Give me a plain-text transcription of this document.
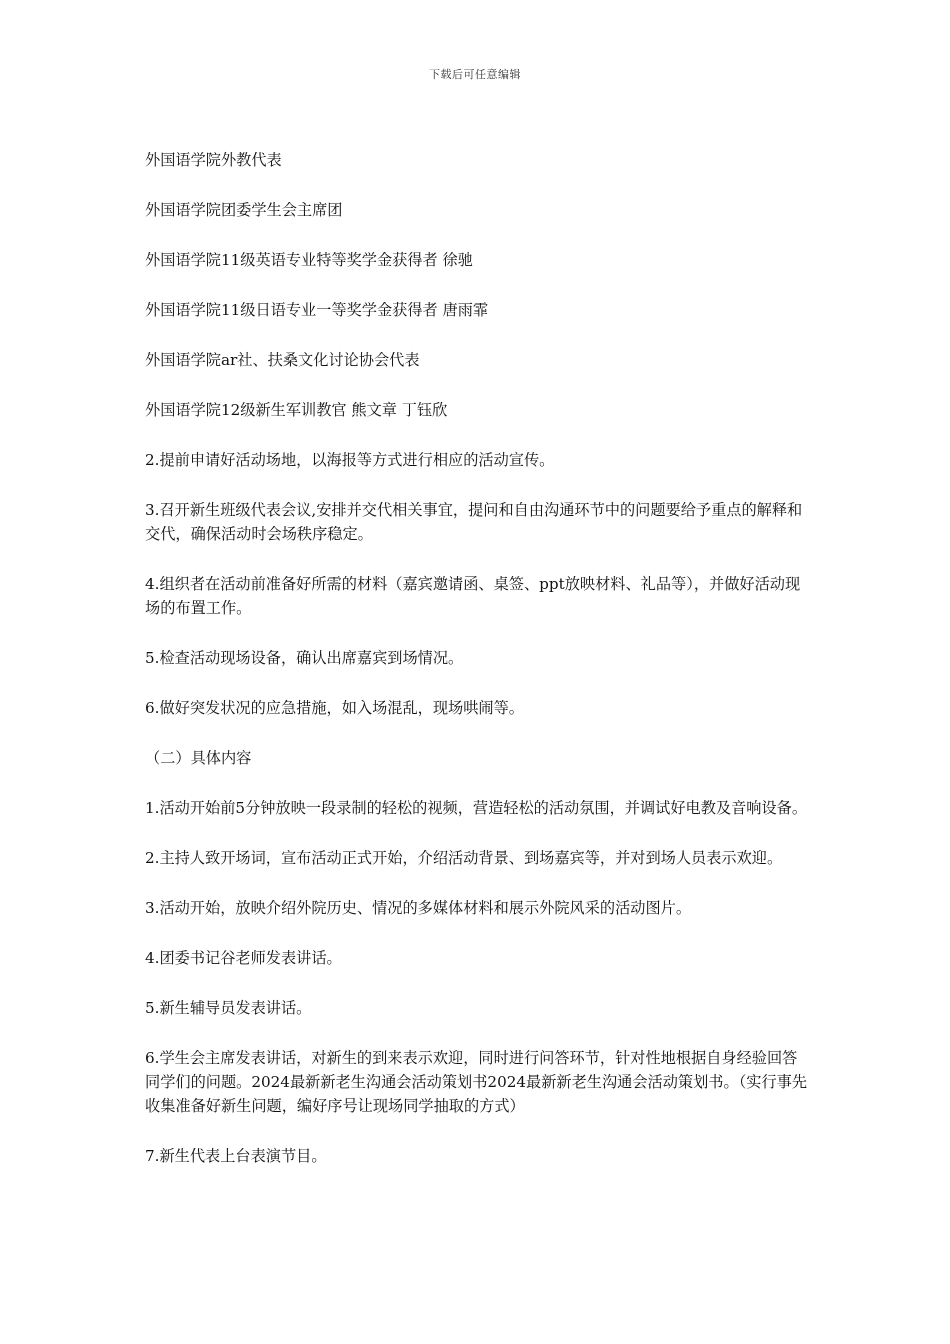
下载后可任意编辑

外国语学院外教代表

外国语学院团委学生会主席团

外国语学院11级英语专业特等奖学金获得者 徐驰

外国语学院11级日语专业一等奖学金获得者 唐雨霏

外国语学院ar社、扶桑文化讨论协会代表

外国语学院12级新生军训教官 熊文章 丁钰欣

2.提前申请好活动场地，以海报等方式进行相应的活动宣传。

3.召开新生班级代表会议,安排并交代相关事宜，提问和自由沟通环节中的问题要给予重点的解释和交代，确保活动时会场秩序稳定。

4.组织者在活动前准备好所需的材料（嘉宾邀请函、桌签、ppt放映材料、礼品等），并做好活动现场的布置工作。

5.检查活动现场设备，确认出席嘉宾到场情况。

6.做好突发状况的应急措施，如入场混乱，现场哄闹等。

（二）具体内容

1.活动开始前5分钟放映一段录制的轻松的视频，营造轻松的活动氛围，并调试好电教及音响设备。

2.主持人致开场词，宣布活动正式开始，介绍活动背景、到场嘉宾等，并对到场人员表示欢迎。

3.活动开始，放映介绍外院历史、情况的多媒体材料和展示外院风采的活动图片。

4.团委书记谷老师发表讲话。

5.新生辅导员发表讲话。

6.学生会主席发表讲话，对新生的到来表示欢迎，同时进行问答环节，针对性地根据自身经验回答同学们的问题。2024最新新老生沟通会活动策划书2024最新新老生沟通会活动策划书。（实行事先收集准备好新生问题，编好序号让现场同学抽取的方式）

7.新生代表上台表演节目。
